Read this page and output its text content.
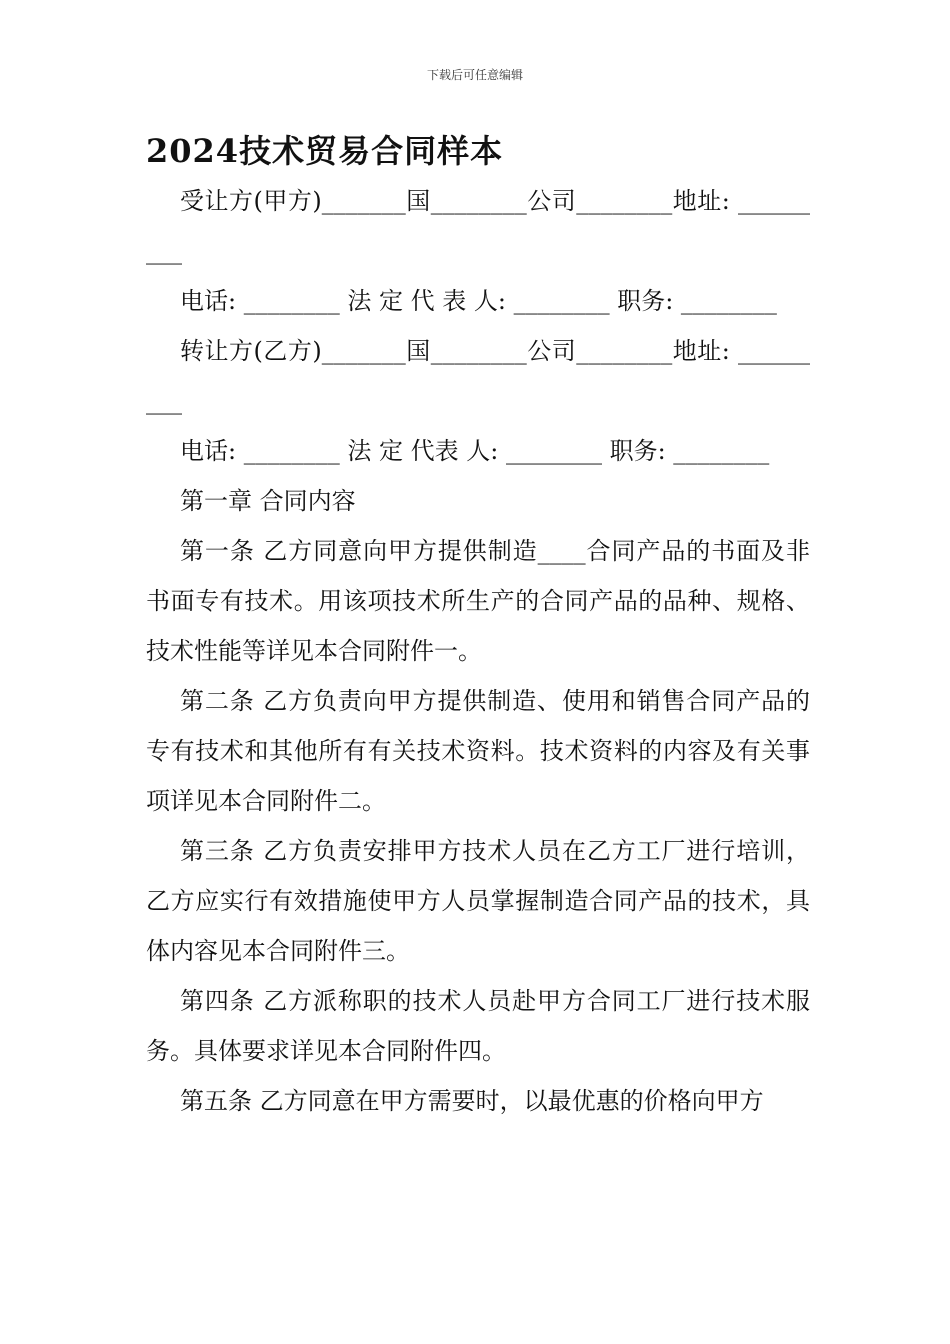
下载后可任意编辑
2024技术贸易合同样本

受让方(甲方)_______国________公司________地址: _________

电话: ________ 法 定 代 表 人: ________ 职务: ________

转让方(乙方)_______国________公司________地址: _________

电话: ________ 法 定 代表 人: ________ 职务: ________

第一章 合同内容

第一条 乙方同意向甲方提供制造____合同产品的书面及非书面专有技术。用该项技术所生产的合同产品的品种、规格、技术性能等详见本合同附件一。

第二条 乙方负责向甲方提供制造、使用和销售合同产品的专有技术和其他所有有关技术资料。技术资料的内容及有关事项详见本合同附件二。

第三条 乙方负责安排甲方技术人员在乙方工厂进行培训，乙方应实行有效措施使甲方人员掌握制造合同产品的技术，具体内容见本合同附件三。

第四条 乙方派称职的技术人员赴甲方合同工厂进行技术服务。具体要求详见本合同附件四。

第五条 乙方同意在甲方需要时，以最优惠的价格向甲方
